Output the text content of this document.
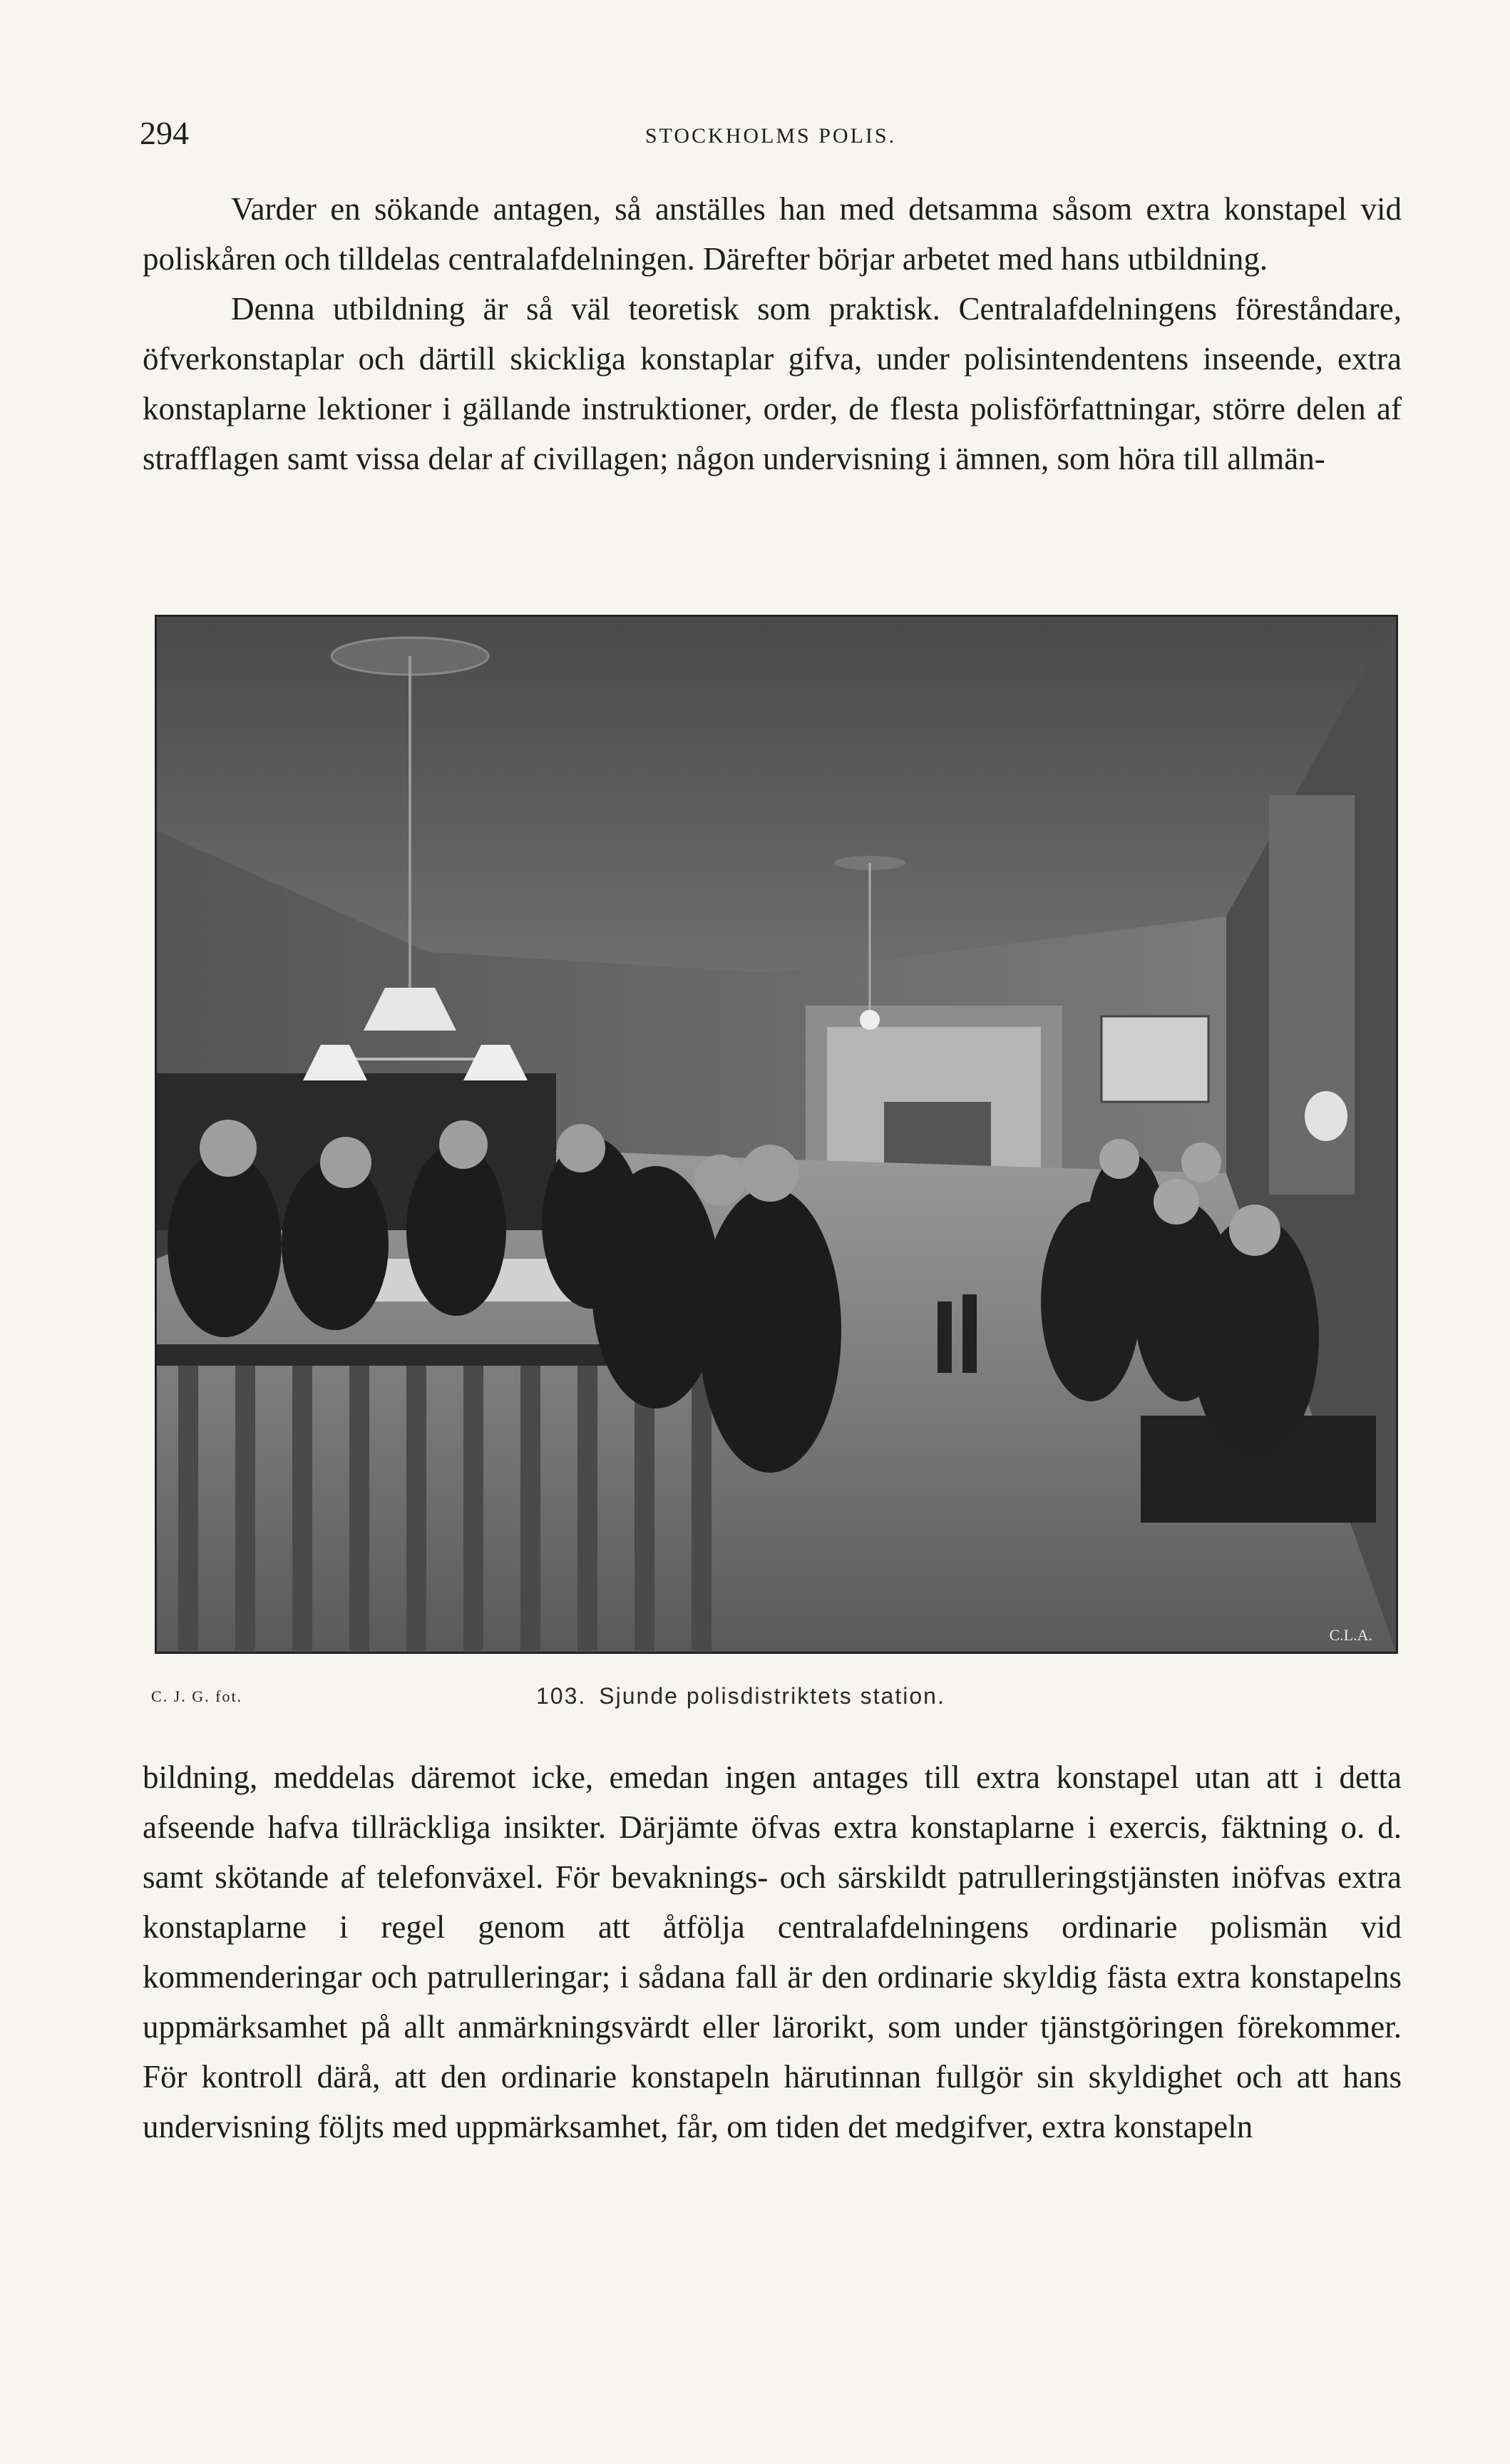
294	STOCKHOLMS POLIS.

Varder en sökande antagen, så anställes han med detsamma såsom extra konstapel vid poliskåren och tilldelas centralafdelningen. Därefter börjar arbetet med hans utbildning.

Denna utbildning är så väl teoretisk som praktisk. Centralafdelningens föreståndare, öfverkonstaplar och därtill skickliga konstaplar gifva, under polisintendentens inseende, extra konstaplarne lektioner i gällande instruktioner, order, de flesta polisförfattningar, större delen af strafflagen samt vissa delar af civillagen; någon undervisning i ämnen, som höra till allmän-

C.L.A.
C. J. G. fot.	103. Sjunde polisdistriktets station.

bildning, meddelas däremot icke, emedan ingen antages till extra konstapel utan att i detta afseende hafva tillräckliga insikter. Därjämte öfvas extra konstaplarne i exercis, fäktning o. d. samt skötande af telefonväxel. För bevaknings- och särskildt patrulleringstjänsten inöfvas extra konstaplarne i regel genom att åtfölja centralafdelningens ordinarie polismän vid kommenderingar och patrulleringar; i sådana fall är den ordinarie skyldig fästa extra konstapelns uppmärksamhet på allt anmärkningsvärdt eller lärorikt, som under tjänstgöringen förekommer. För kontroll därå, att den ordinarie konstapeln härutinnan fullgör sin skyldighet och att hans undervisning följts med uppmärksamhet, får, om tiden det medgifver, extra konstapeln
